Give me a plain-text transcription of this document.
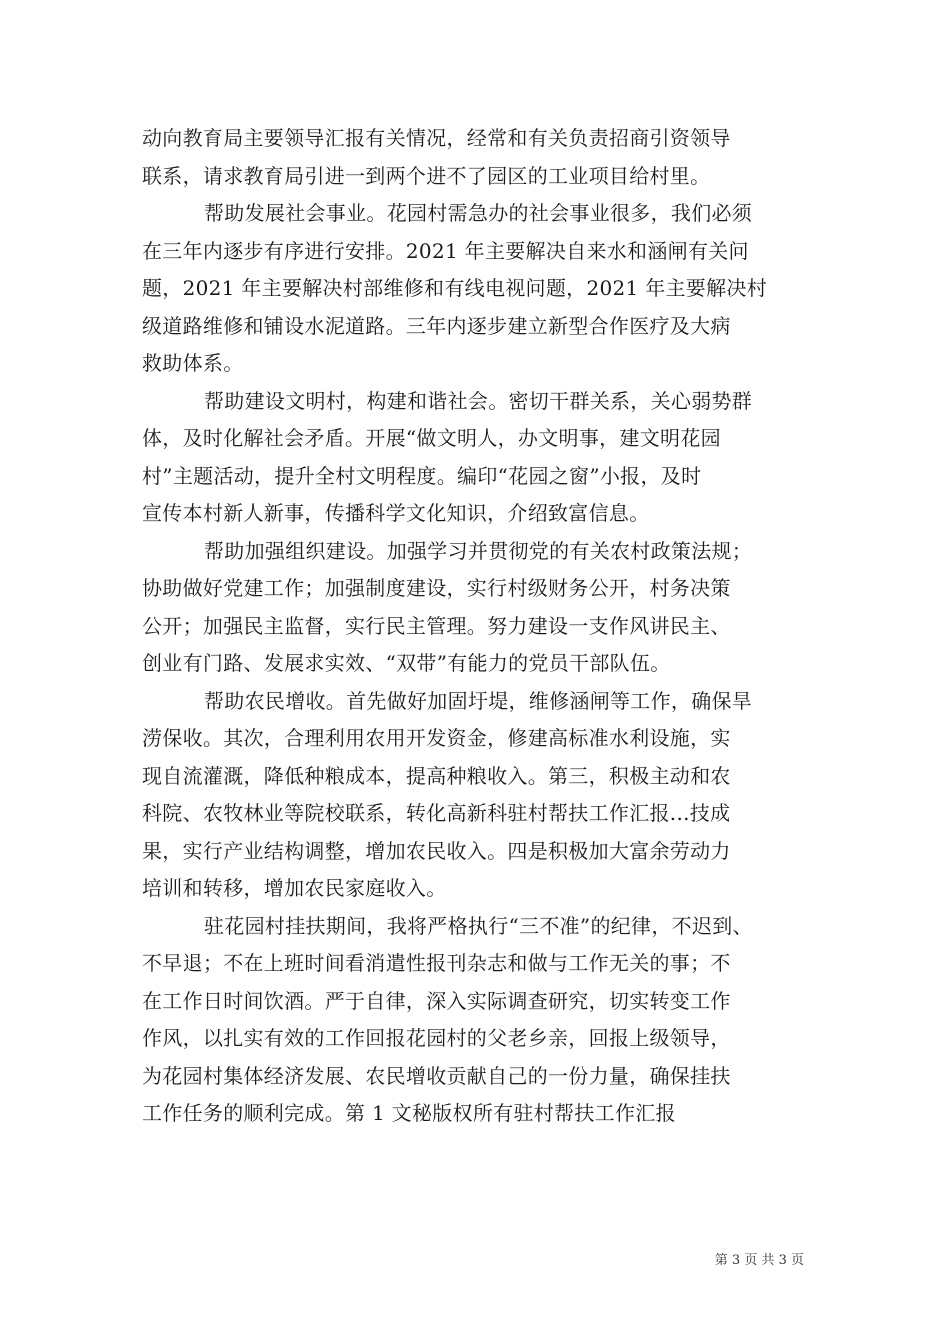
动向教育局主要领导汇报有关情况，经常和有关负责招商引资领导
联系，请求教育局引进一到两个进不了园区的工业项目给村里。
帮助发展社会事业。花园村需急办的社会事业很多，我们必须
在三年内逐步有序进行安排。2021 年主要解决自来水和涵闸有关问
题，2021 年主要解决村部维修和有线电视问题，2021 年主要解决村
级道路维修和铺设水泥道路。三年内逐步建立新型合作医疗及大病
救助体系。
帮助建设文明村，构建和谐社会。密切干群关系，关心弱势群
体，及时化解社会矛盾。开展“做文明人，办文明事，建文明花园
村”主题活动，提升全村文明程度。编印“花园之窗”小报，及时
宣传本村新人新事，传播科学文化知识，介绍致富信息。
帮助加强组织建设。加强学习并贯彻党的有关农村政策法规；
协助做好党建工作；加强制度建设，实行村级财务公开，村务决策
公开；加强民主监督，实行民主管理。努力建设一支作风讲民主、
创业有门路、发展求实效、“双带”有能力的党员干部队伍。
帮助农民增收。首先做好加固圩堤，维修涵闸等工作，确保旱
涝保收。其次，合理利用农用开发资金，修建高标准水利设施，实
现自流灌溉，降低种粮成本，提高种粮收入。第三，积极主动和农
科院、农牧林业等院校联系，转化高新科驻村帮扶工作汇报...技成
果，实行产业结构调整，增加农民收入。四是积极加大富余劳动力
培训和转移，增加农民家庭收入。
驻花园村挂扶期间，我将严格执行“三不准”的纪律，不迟到、
不早退；不在上班时间看消遣性报刊杂志和做与工作无关的事；不
在工作日时间饮酒。严于自律，深入实际调查研究，切实转变工作
作风，以扎实有效的工作回报花园村的父老乡亲，回报上级领导，
为花园村集体经济发展、农民增收贡献自己的一份力量，确保挂扶
工作任务的顺利完成。第 1 文秘版权所有驻村帮扶工作汇报
第 3 页 共 3 页
